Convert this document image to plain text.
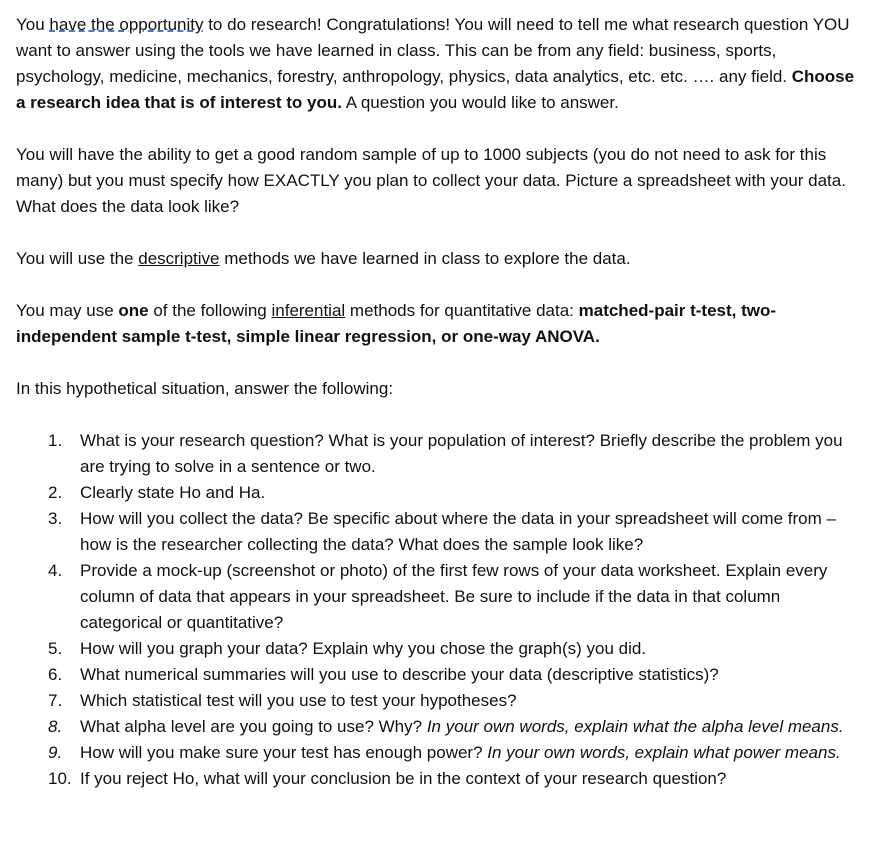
You have the opportunity to do research! Congratulations! You will need to tell me what research question YOU want to answer using the tools we have learned in class. This can be from any field: business, sports, psychology, medicine, mechanics, forestry, anthropology, physics, data analytics, etc. etc. …. any field. Choose a research idea that is of interest to you. A question you would like to answer.

You will have the ability to get a good random sample of up to 1000 subjects (you do not need to ask for this many) but you must specify how EXACTLY you plan to collect your data. Picture a spreadsheet with your data. What does the data look like?

You will use the descriptive methods we have learned in class to explore the data.

You may use one of the following inferential methods for quantitative data: matched-pair t-test, two-independent sample t-test, simple linear regression, or one-way ANOVA.

In this hypothetical situation, answer the following:

1.	What is your research question? What is your population of interest? Briefly describe the problem you are trying to solve in a sentence or two.
2.	Clearly state Ho and Ha.
3.	How will you collect the data? Be specific about where the data in your spreadsheet will come from – how is the researcher collecting the data? What does the sample look like?
4.	Provide a mock-up (screenshot or photo) of the first few rows of your data worksheet. Explain every column of data that appears in your spreadsheet. Be sure to include if the data in that column categorical or quantitative?
5.	How will you graph your data? Explain why you chose the graph(s) you did.
6.	What numerical summaries will you use to describe your data (descriptive statistics)?
7.	Which statistical test will you use to test your hypotheses?
8.	What alpha level are you going to use? Why? In your own words, explain what the alpha level means.
9.	How will you make sure your test has enough power? In your own words, explain what power means.
10. If you reject Ho, what will your conclusion be in the context of your research question?
